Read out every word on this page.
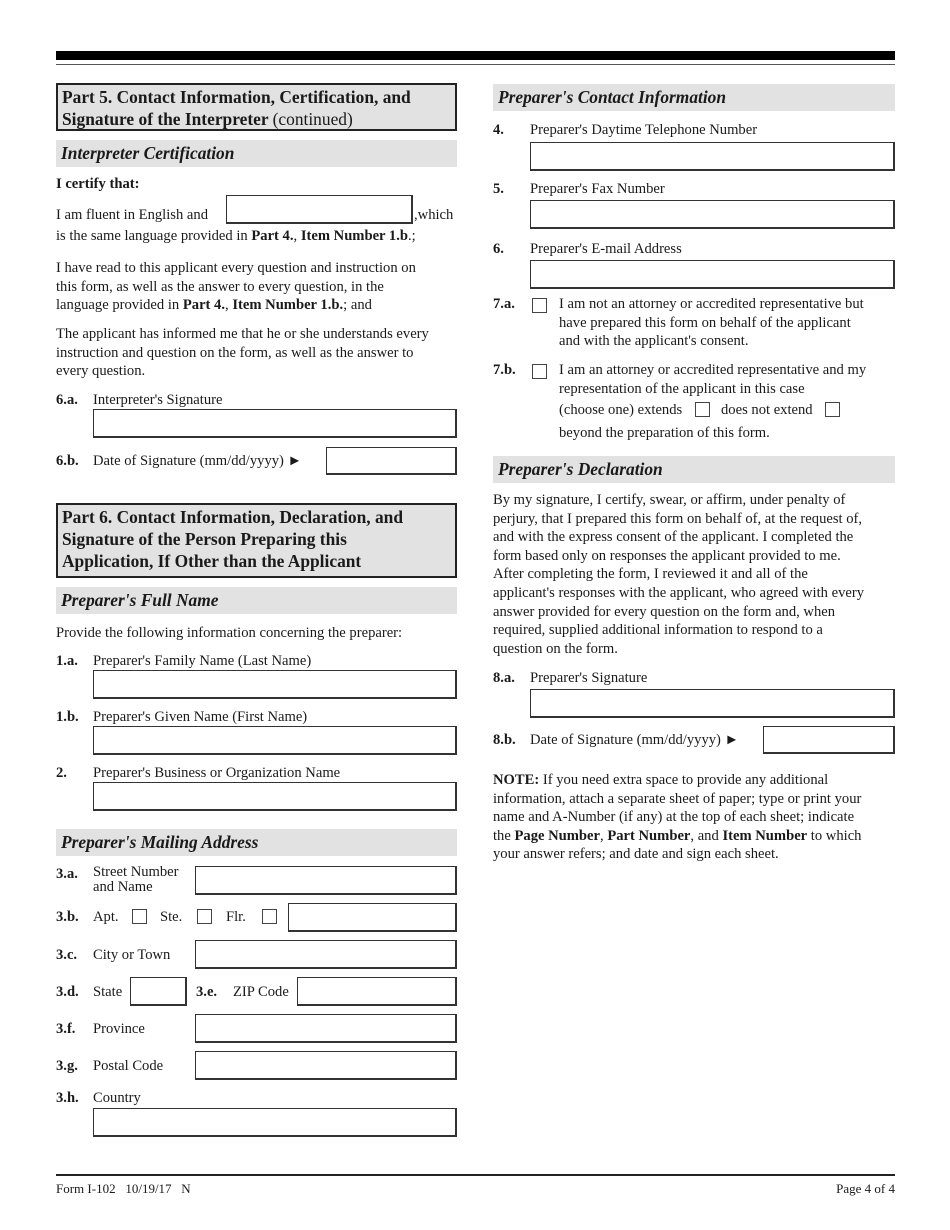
Part 5. Contact Information, Certification, and Signature of the Interpreter (continued)
Interpreter Certification
I certify that:
I am fluent in English and	,which
is the same language provided in Part 4., Item Number 1.b.;
I have read to this applicant every question and instruction on
this form, as well as the answer to every question, in the
language provided in Part 4., Item Number 1.b.; and
The applicant has informed me that he or she understands every
instruction and question on the form, as well as the answer to
every question.
6.a. Interpreter's Signature
6.b. Date of Signature (mm/dd/yyyy) ►
Part 6. Contact Information, Declaration, and
Signature of the Person Preparing this
Application, If Other than the Applicant
Preparer's Full Name
Provide the following information concerning the preparer:
1.a. Preparer's Family Name (Last Name)
1.b. Preparer's Given Name (First Name)
2. Preparer's Business or Organization Name
Preparer's Mailing Address
3.a. Street Number
and Name
3.b. Apt.	Ste.	Flr.
3.c. City or Town
3.d. State	3.e. ZIP Code
3.f. Province
3.g. Postal Code
3.h. Country
Preparer's Contact Information
4. Preparer's Daytime Telephone Number
5. Preparer's Fax Number
6. Preparer's E-mail Address
7.a.	I am not an attorney or accredited representative but
have prepared this form on behalf of the applicant
and with the applicant's consent.
7.b.	I am an attorney or accredited representative and my
representation of the applicant in this case
(choose one) extends	does not extend
beyond the preparation of this form.
Preparer's Declaration
By my signature, I certify, swear, or affirm, under penalty of
perjury, that I prepared this form on behalf of, at the request of,
and with the express consent of the applicant. I completed the
form based only on responses the applicant provided to me.
After completing the form, I reviewed it and all of the
applicant's responses with the applicant, who agreed with every
answer provided for every question on the form and, when
required, supplied additional information to respond to a
question on the form.
8.a. Preparer's Signature
8.b. Date of Signature (mm/dd/yyyy) ►
NOTE: If you need extra space to provide any additional
information, attach a separate sheet of paper; type or print your
name and A-Number (if any) at the top of each sheet; indicate
the Page Number, Part Number, and Item Number to which
your answer refers; and date and sign each sheet.
Form I-102   10/19/17   N	Page 4 of 4
